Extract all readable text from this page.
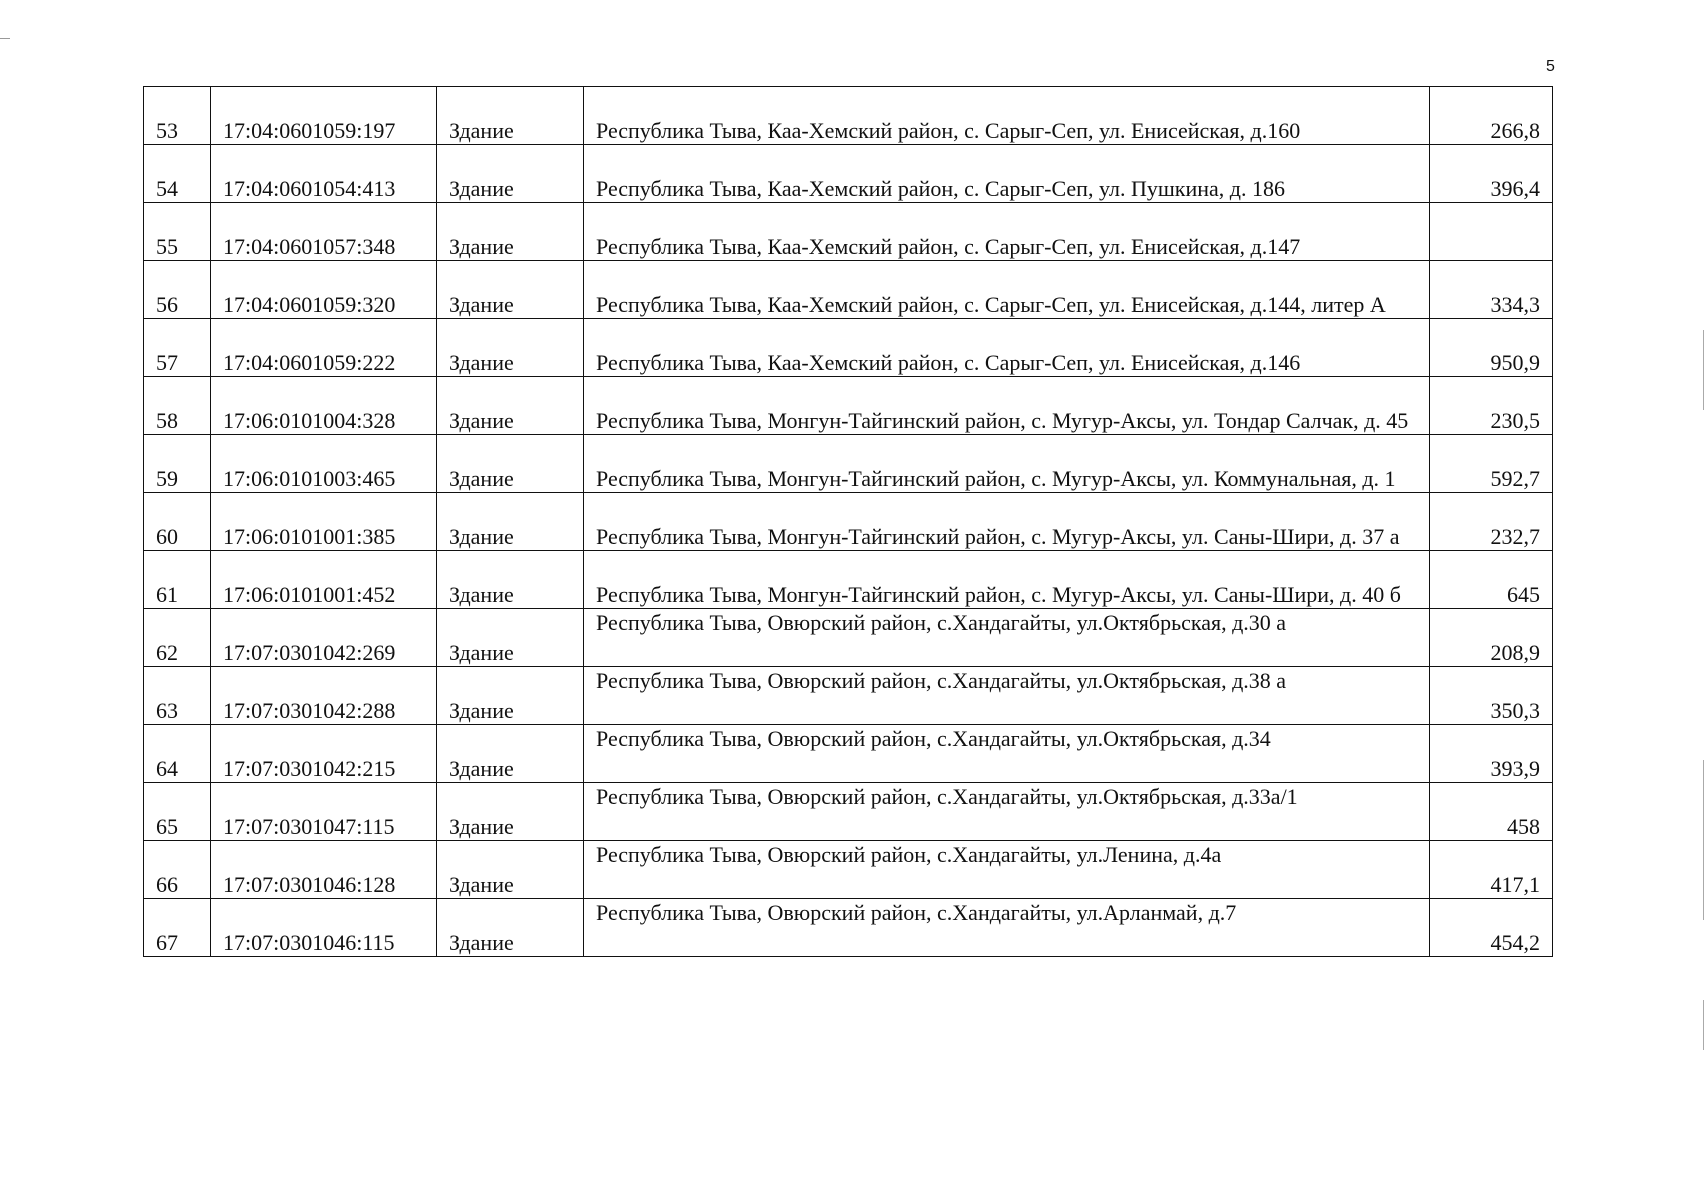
5
53	17:04:0601059:197	Здание	Республика Тыва, Каа-Хемский район, с. Сарыг-Сеп, ул. Енисейская, д.160	266,8
54	17:04:0601054:413	Здание	Республика Тыва, Каа-Хемский район, с. Сарыг-Сеп, ул. Пушкина, д. 186	396,4
55	17:04:0601057:348	Здание	Республика Тыва, Каа-Хемский район, с. Сарыг-Сеп, ул. Енисейская, д.147	
56	17:04:0601059:320	Здание	Республика Тыва, Каа-Хемский район, с. Сарыг-Сеп, ул. Енисейская, д.144, литер А	334,3
57	17:04:0601059:222	Здание	Республика Тыва, Каа-Хемский район, с. Сарыг-Сеп, ул. Енисейская, д.146	950,9
58	17:06:0101004:328	Здание	Республика Тыва, Монгун-Тайгинский район, с. Мугур-Аксы, ул. Тондар Салчак, д. 45	230,5
59	17:06:0101003:465	Здание	Республика Тыва, Монгун-Тайгинский район, с. Мугур-Аксы, ул. Коммунальная, д. 1	592,7
60	17:06:0101001:385	Здание	Республика Тыва, Монгун-Тайгинский район, с. Мугур-Аксы, ул. Саны-Шири, д. 37 а	232,7
61	17:06:0101001:452	Здание	Республика Тыва, Монгун-Тайгинский район, с. Мугур-Аксы, ул. Саны-Шири, д. 40 б	645
62	17:07:0301042:269	Здание	Республика Тыва, Овюрский район, с.Хандагайты, ул.Октябрьская, д.30 а	208,9
63	17:07:0301042:288	Здание	Республика Тыва, Овюрский район, с.Хандагайты, ул.Октябрьская, д.38 а	350,3
64	17:07:0301042:215	Здание	Республика Тыва, Овюрский район, с.Хандагайты, ул.Октябрьская, д.34	393,9
65	17:07:0301047:115	Здание	Республика Тыва, Овюрский район, с.Хандагайты, ул.Октябрьская, д.33а/1	458
66	17:07:0301046:128	Здание	Республика Тыва, Овюрский район, с.Хандагайты, ул.Ленина, д.4а	417,1
67	17:07:0301046:115	Здание	Республика Тыва, Овюрский район, с.Хандагайты, ул.Арланмай, д.7	454,2
